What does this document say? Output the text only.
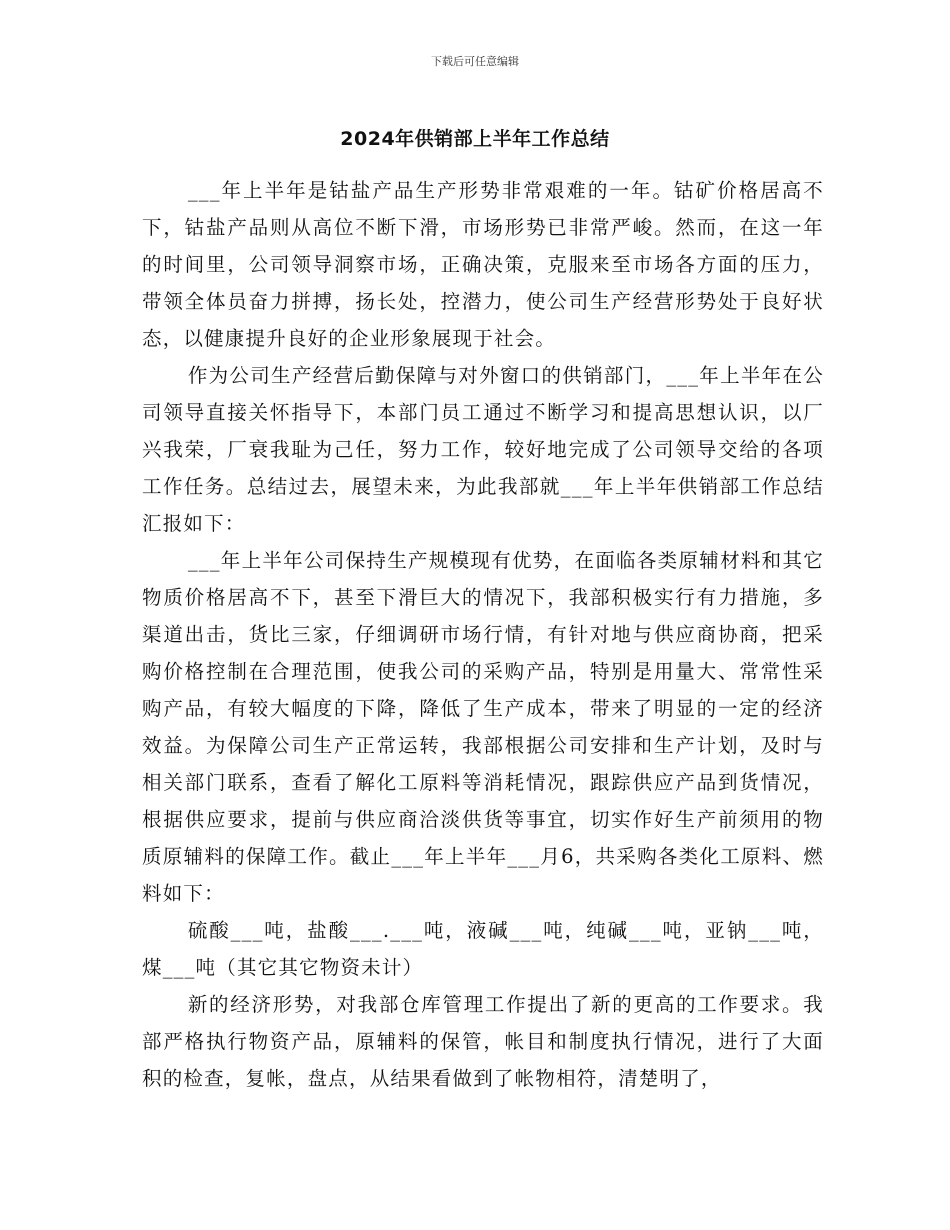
下载后可任意编辑
2024年供销部上半年工作总结

___年上半年是钴盐产品生产形势非常艰难的一年。钴矿价格居高不下，钴盐产品则从高位不断下滑，市场形势已非常严峻。然而，在这一年的时间里，公司领导洞察市场，正确决策，克服来至市场各方面的压力，带领全体员奋力拼搏，扬长处，控潜力，使公司生产经营形势处于良好状态，以健康提升良好的企业形象展现于社会。

作为公司生产经营后勤保障与对外窗口的供销部门，___年上半年在公司领导直接关怀指导下，本部门员工通过不断学习和提高思想认识，以厂兴我荣，厂衰我耻为己任，努力工作，较好地完成了公司领导交给的各项工作任务。总结过去，展望未来，为此我部就___年上半年供销部工作总结汇报如下：

___年上半年公司保持生产规模现有优势，在面临各类原辅材料和其它物质价格居高不下，甚至下滑巨大的情况下，我部积极实行有力措施，多渠道出击，货比三家，仔细调研市场行情，有针对地与供应商协商，把采购价格控制在合理范围，使我公司的采购产品，特别是用量大、常常性采购产品，有较大幅度的下降，降低了生产成本，带来了明显的一定的经济效益。为保障公司生产正常运转，我部根据公司安排和生产计划，及时与相关部门联系，查看了解化工原料等消耗情况，跟踪供应产品到货情况，根据供应要求，提前与供应商洽淡供货等事宜，切实作好生产前须用的物质原辅料的保障工作。截止___年上半年___月6，共采购各类化工原料、燃料如下：

硫酸___吨，盐酸___.___吨，液碱___吨，纯碱___吨，亚钠___吨，煤___吨（其它其它物资未计）

新的经济形势，对我部仓库管理工作提出了新的更高的工作要求。我部严格执行物资产品，原辅料的保管，帐目和制度执行情况，进行了大面积的检查，复帐，盘点，从结果看做到了帐物相符，清楚明了，
